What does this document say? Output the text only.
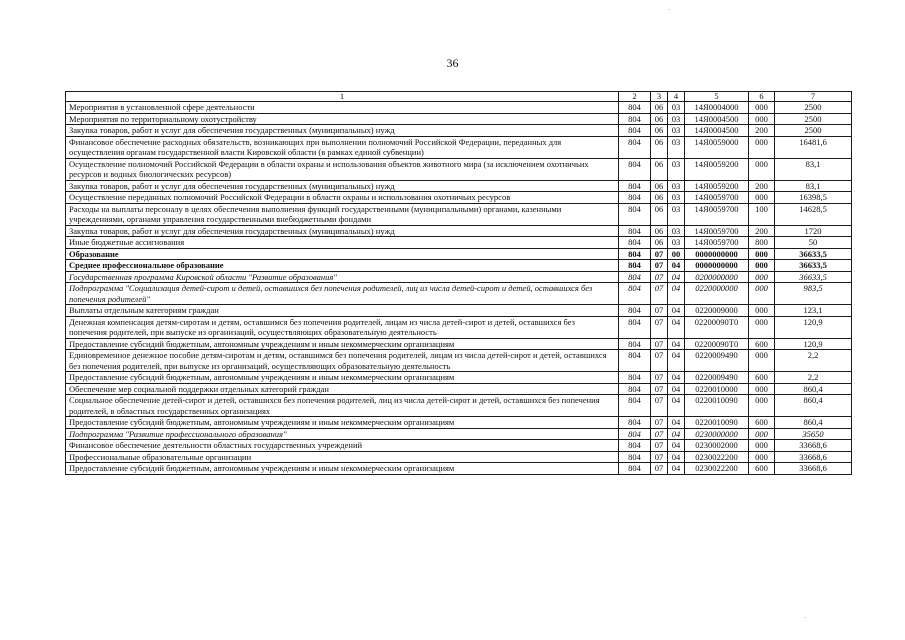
36
1	2	3	4	5	6	7
Мероприятия в установленной сфере деятельности	804	06	03	14Я0004000	000	2500
Мероприятия по территориальному охотустройству	804	06	03	14Я0004500	000	2500
Закупка товаров, работ и услуг для обеспечения государственных (муниципальных) нужд	804	06	03	14Я0004500	200	2500
Финансовое обеспечение расходных обязательств, возникающих при выполнении полномочий Российской Федерации, переданных для осуществления органам государственной власти Кировской области (в рамках единой субвенции)	804	06	03	14Я0059000	000	16481,6
Осуществление полномочий Российской Федерации в области охраны и использования объектов животного мира (за исключением охотничьих ресурсов и водных биологических ресурсов)	804	06	03	14Я0059200	000	83,1
Закупка товаров, работ и услуг для обеспечения государственных (муниципальных) нужд	804	06	03	14Я0059200	200	83,1
Осуществление переданных полномочий Российской Федерации в области охраны и использования охотничьих ресурсов	804	06	03	14Я0059700	000	16398,5
Расходы на выплаты персоналу в целях обеспечения выполнения функций государственными (муниципальными) органами, казенными учреждениями, органами управления государственными внебюджетными фондами	804	06	03	14Я0059700	100	14628,5
Закупка товаров, работ и услуг для обеспечения государственных (муниципальных) нужд	804	06	03	14Я0059700	200	1720
Иные бюджетные ассигнования	804	06	03	14Я0059700	800	50
Образование	804	07	00	0000000000	000	36633,5
Среднее профессиональное образование	804	07	04	0000000000	000	36633,5
Государственная программа Кировской области "Развитие образования"	804	07	04	0200000000	000	36633,5
Подпрограмма "Социализация детей-сирот и детей, оставшихся без попечения родителей, лиц из числа детей-сирот и детей, оставшихся без попечения родителей"	804	07	04	0220000000	000	983,5
Выплаты отдельным категориям граждан	804	07	04	0220009000	000	123,1
Денежная компенсация детям-сиротам и детям, оставшимся без попечения родителей, лицам из числа детей-сирот и детей, оставшихся без попечения родителей, при выпуске из организаций, осуществляющих образовательную деятельность	804	07	04	02200090Т0	000	120,9
Предоставление субсидий бюджетным, автономным учреждениям и иным некоммерческим организациям	804	07	04	02200090Т0	600	120,9
Единовременное денежное пособие детям-сиротам и детям, оставшимся без попечения родителей, лицам из числа детей-сирот и детей, оставшихся без попечения родителей, при выпуске из организаций, осуществляющих образовательную деятельность	804	07	04	0220009490	000	2,2
Предоставление субсидий бюджетным, автономным учреждениям и иным некоммерческим организациям	804	07	04	0220009490	600	2,2
Обеспечение мер социальной поддержки отдельных категорий граждан	804	07	04	0220010000	000	860,4
Социальное обеспечение детей-сирот и детей, оставшихся без попечения родителей, лиц из числа детей-сирот и детей, оставшихся без попечения родителей, в областных государственных организациях	804	07	04	0220010090	000	860,4
Предоставление субсидий бюджетным, автономным учреждениям и иным некоммерческим организациям	804	07	04	0220010090	600	860,4
Подпрограмма "Развитие профессионального образования"	804	07	04	0230000000	000	35650
Финансовое обеспечение деятельности областных государственных учреждений	804	07	04	0230002000	000	33668,6
Профессиональные образовательные организации	804	07	04	0230022200	000	33668,6
Предоставление субсидий бюджетным, автономным учреждениям и иным некоммерческим организациям	804	07	04	0230022200	600	33668,6
·
·
